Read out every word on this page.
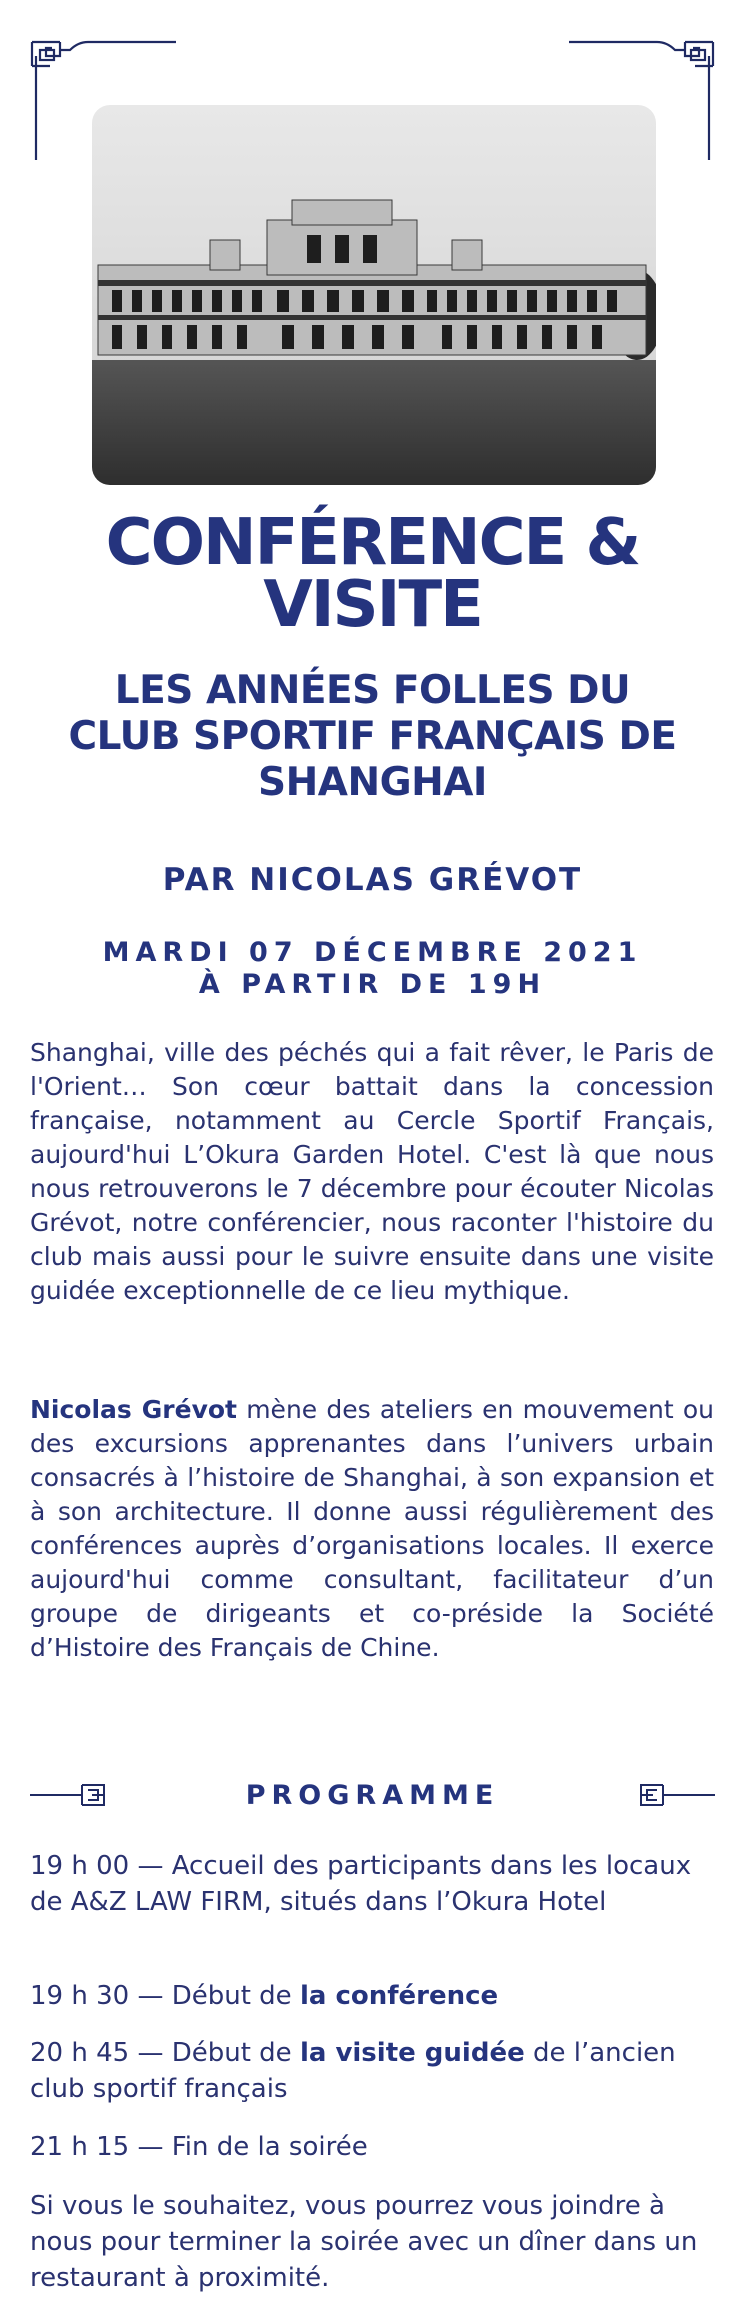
CONFÉRENCE &
VISITE
LES ANNÉES FOLLES DU
CLUB SPORTIF FRANÇAIS DE
SHANGHAI
PAR NICOLAS GRÉVOT
MARDI 07 DÉCEMBRE 2021
À PARTIR DE 19H
Shanghai, ville des péchés qui a fait rêver, le Paris de l'Orient… Son cœur battait dans la concession française, notamment au Cercle Sportif Français, aujourd'hui L’Okura Garden Hotel. C'est là que nous nous retrouverons le 7 décembre pour écouter Nicolas Grévot, notre conférencier, nous raconter l'histoire du club mais aussi pour le suivre ensuite dans une visite guidée exceptionnelle de ce lieu mythique.
Nicolas Grévot mène des ateliers en mouvement ou des excursions apprenantes dans l’univers urbain consacrés à l’histoire de Shanghai, à son expansion et à son architecture. Il donne aussi régulièrement des conférences auprès d’organisations locales. Il exerce aujourd'hui comme consultant, facilitateur d’un groupe de dirigeants et co-préside la Société d’Histoire des Français de Chine.
PROGRAMME
19 h 00 — Accueil des participants dans les locaux de A&Z LAW FIRM, situés dans l’Okura Hotel
19 h 30 — Début de la conférence
20 h 45 — Début de la visite guidée de l’ancien club sportif français
21 h 15 — Fin de la soirée
Si vous le souhaitez, vous pourrez vous joindre à nous pour terminer la soirée avec un dîner dans un restaurant à proximité.
